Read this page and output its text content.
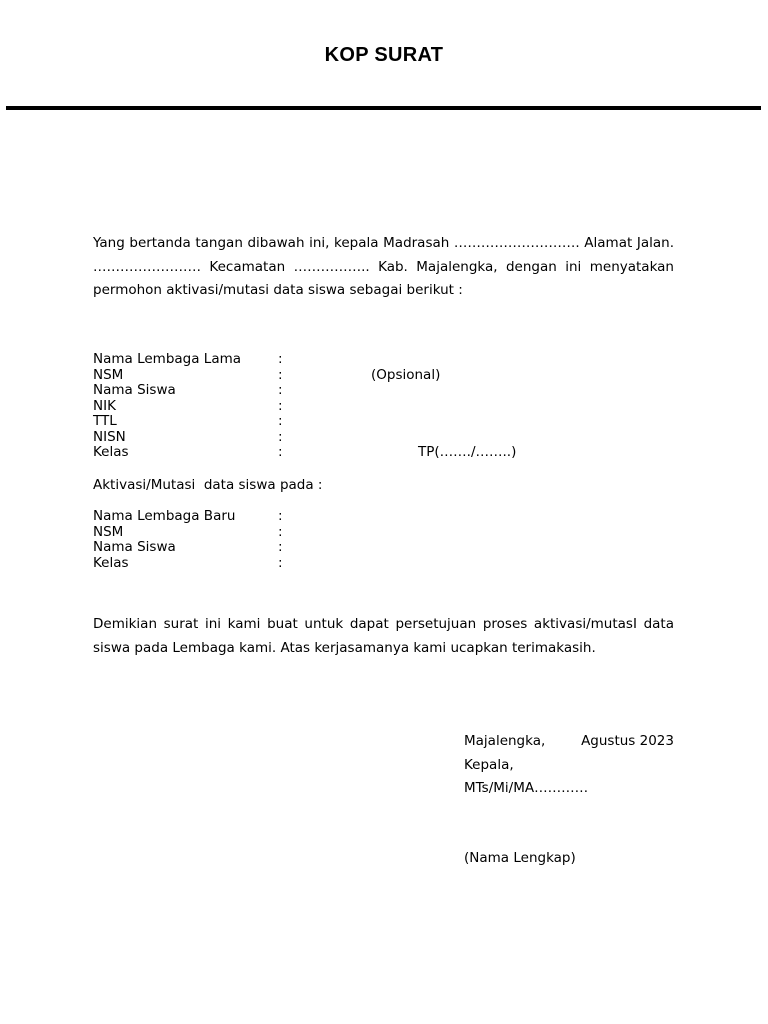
KOP SURAT

Yang bertanda tangan dibawah ini, kepala Madrasah ………………………. Alamat Jalan. …………………… Kecamatan …………….. Kab. Majalengka, dengan ini menyatakan permohon aktivasi/mutasi data siswa sebagai berikut :

Nama Lembaga Lama	:
NSM	:	(Opsional)
Nama Siswa	:
NIK	:
TTL	:
NISN	:
Kelas	:	TP(……./……..)
Aktivasi/Mutasi  data siswa pada :
Nama Lembaga Baru	:
NSM	:
Nama Siswa	:
Kelas	:

Demikian surat ini kami buat untuk dapat persetujuan proses aktivasi/mutasI data siswa pada Lembaga kami. Atas kerjasamanya kami ucapkan terimakasih.

Majalengka,	Agustus 2023
Kepala,
MTs/Mi/MA…………
(Nama Lengkap)
